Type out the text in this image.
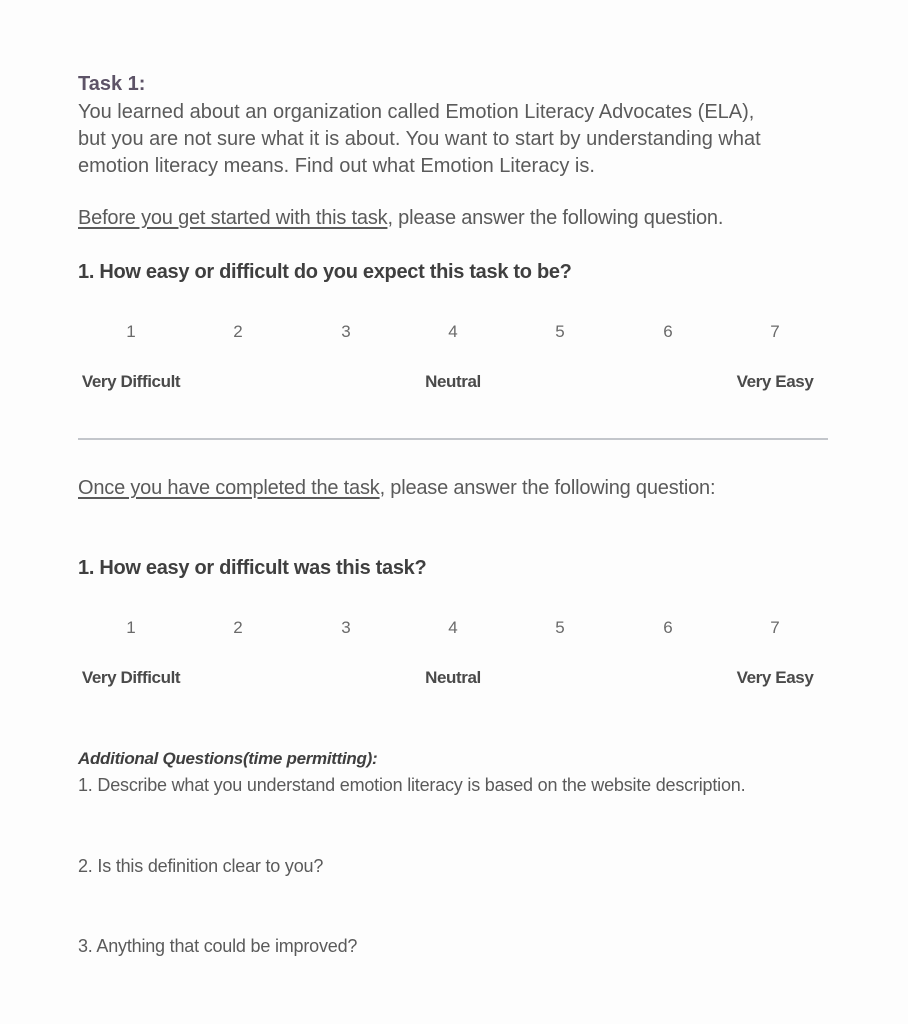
Task 1:
You learned about an organization called Emotion Literacy Advocates (ELA),
but you are not sure what it is about. You want to start by understanding what
emotion literacy means. Find out what Emotion Literacy is.
Before you get started with this task, please answer the following question.
1. How easy or difficult do you expect this task to be?
1	2	3	4	5	6	7
Very Difficult	Neutral	Very Easy
Once you have completed the task, please answer the following question:
1. How easy or difficult was this task?
1	2	3	4	5	6	7
Very Difficult	Neutral	Very Easy
Additional Questions(time permitting):
1. Describe what you understand emotion literacy is based on the website description.
2. Is this definition clear to you?
3. Anything that could be improved?
